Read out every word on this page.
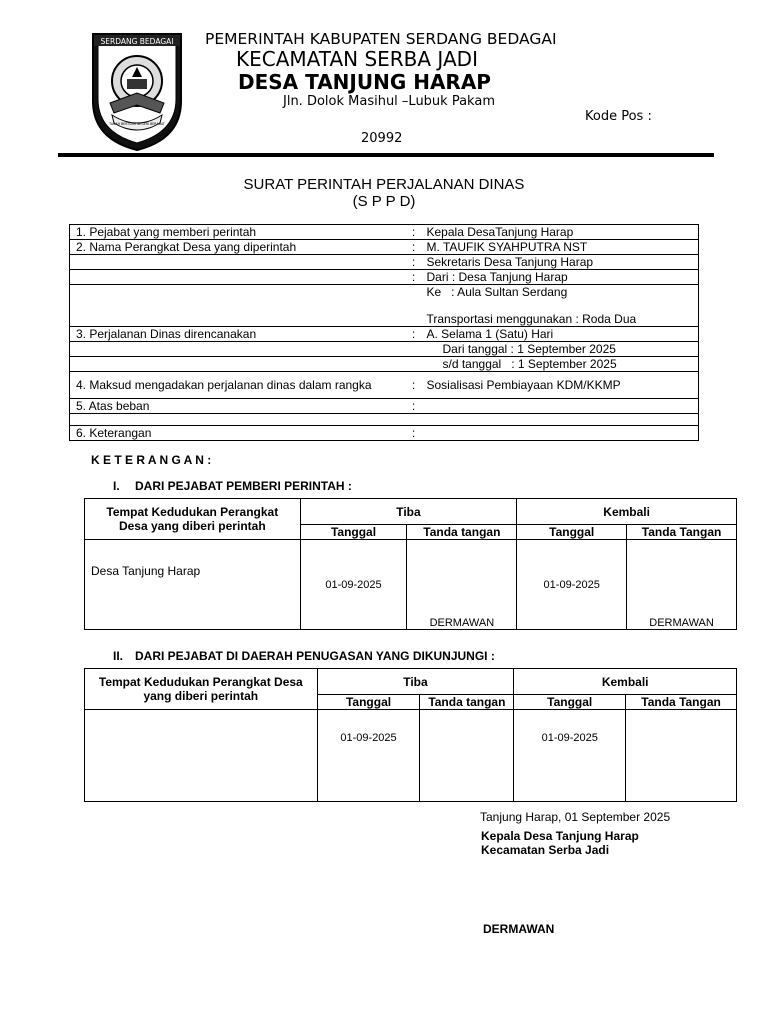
SERDANG BEDAGAI
TANAH BERTUAH NEGERI BERADAT
PEMERINTAH KABUPATEN SERDANG BEDAGAI
KECAMATAN SERBA JADI
DESA TANJUNG HARAP
Jln. Dolok Masihul –Lubuk Pakam
Kode Pos :
20992
SURAT PERINTAH PERJALANAN DINAS
(S P P D)
1. Pejabat yang memberi perintah	:	Kepala DesaTanjung Harap
2. Nama Perangkat Desa yang diperintah	:	M. TAUFIK SYAHPUTRA NST
	:	Sekretaris Desa Tanjung Harap
	:	Dari : Desa Tanjung Harap

		Ke   : Aula Sultan Serdang
Transportasi menggunakan : Roda Dua

3. Perjalanan Dinas direncanakan	:	A. Selama 1 (Satu) Hari
		Dari tanggal : 1 September 2025
		s/d tanggal   : 1 September 2025
4. Maksud mengadakan perjalanan dinas dalam rangka	:	Sosialisasi Pembiayaan KDM/KKMP
5. Atas beban	:	

6. Keterangan	:	
K E T E R A N G A N :
I. DARI PEJABAT PEMBERI PERINTAH :
Tempat Kedudukan Perangkat Desa yang diberi perintah	Tiba		Kembali	
	Tanggal	Tanda tangan	Tanggal	Tanda Tangan
Desa Tanjung Harap	01-09-2025	DERMAWAN	01-09-2025	DERMAWAN
II. DARI PEJABAT DI DAERAH PENUGASAN YANG DIKUNJUNGI :
Tempat Kedudukan Perangkat Desa yang diberi perintah	Tiba		Kembali	
	Tanggal	Tanda tangan	Tanggal	Tanda Tangan
	01-09-2025		01-09-2025	
Tanjung Harap, 01 September 2025
Kepala Desa Tanjung Harap
Kecamatan Serba Jadi
DERMAWAN
